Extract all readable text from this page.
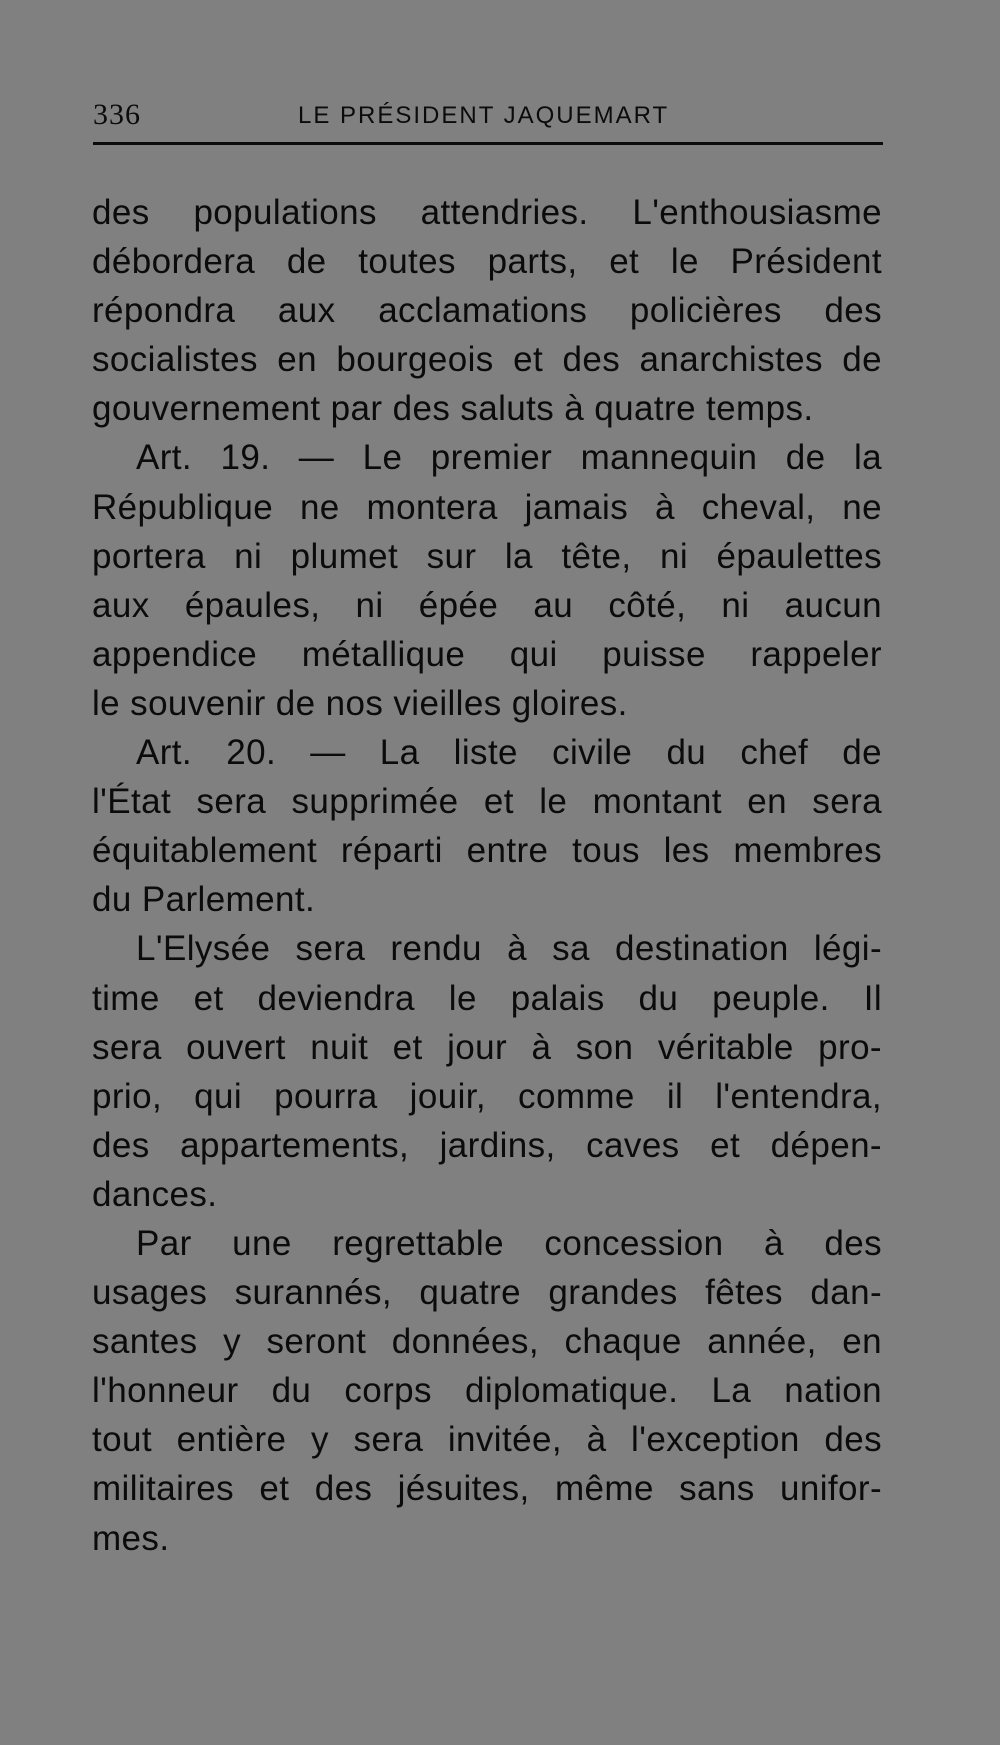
336	LE PRÉSIDENT JAQUEMART
des populations attendries. L'enthousiasme
débordera de toutes parts, et le Président
répondra aux acclamations policières des
socialistes en bourgeois et des anarchistes de
gouvernement par des saluts à quatre temps.
Art. 19. — Le premier mannequin de la
République ne montera jamais à cheval, ne
portera ni plumet sur la tête, ni épaulettes
aux épaules, ni épée au côté, ni aucun
appendice métallique qui puisse rappeler
le souvenir de nos vieilles gloires.
Art. 20. — La liste civile du chef de
l'État sera supprimée et le montant en sera
équitablement réparti entre tous les membres
du Parlement.
L'Elysée sera rendu à sa destination légi-
time et deviendra le palais du peuple. Il
sera ouvert nuit et jour à son véritable pro-
prio, qui pourra jouir, comme il l'entendra,
des appartements, jardins, caves et dépen-
dances.
Par une regrettable concession à des
usages surannés, quatre grandes fêtes dan-
santes y seront données, chaque année, en
l'honneur du corps diplomatique. La nation
tout entière y sera invitée, à l'exception des
militaires et des jésuites, même sans unifor-
mes.
